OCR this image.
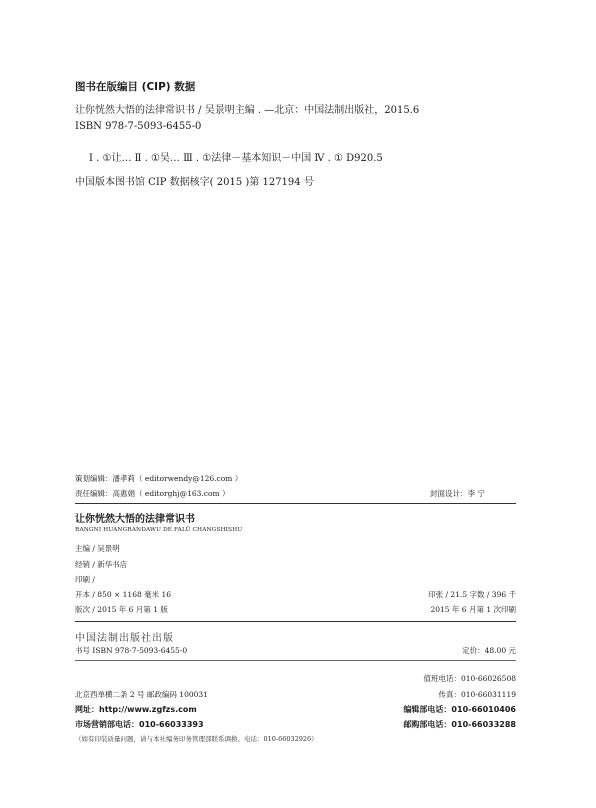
图书在版编目 (CIP) 数据
让你恍然大悟的法律常识书 / 吴景明主编 . —北京：中国法制出版社，2015.6
ISBN 978-7-5093-6455-0
Ⅰ . ①让… Ⅱ . ①吴… Ⅲ . ①法律－基本知识－中国 Ⅳ . ① D920.5
中国版本图书馆 CIP 数据核字( 2015 )第 127194 号
策划编辑：潘孝莉（ editorwendy@126.com ）
责任编辑：高惠娟（ editorghj@163.com ）	封面设计：李 宁
让你恍然大悟的法律常识书
RANGNI HUANGRANDAWU DE FALÜ CHANGSHISHU
主编 / 吴景明
经销 / 新华书店
印刷 /
开本 / 850 × 1168 毫米 16	印张 / 21.5 字数 / 396 千
版次 / 2015 年 6 月第 1 版	2015 年 6 月第 1 次印刷
中国法制出版社出版
书号 ISBN 978-7-5093-6455-0	定价：48.00 元
值班电话：010-66026508
北京西单横二条 2 号 邮政编码 100031	传真：010-66031119
网址：http://www.zgfzs.com	编辑部电话：010-66010406
市场营销部电话：010-66033393	邮购部电话：010-66033288
（如有印装质量问题，请与本社编务印务管理部联系调换。电话：010-66032926）
